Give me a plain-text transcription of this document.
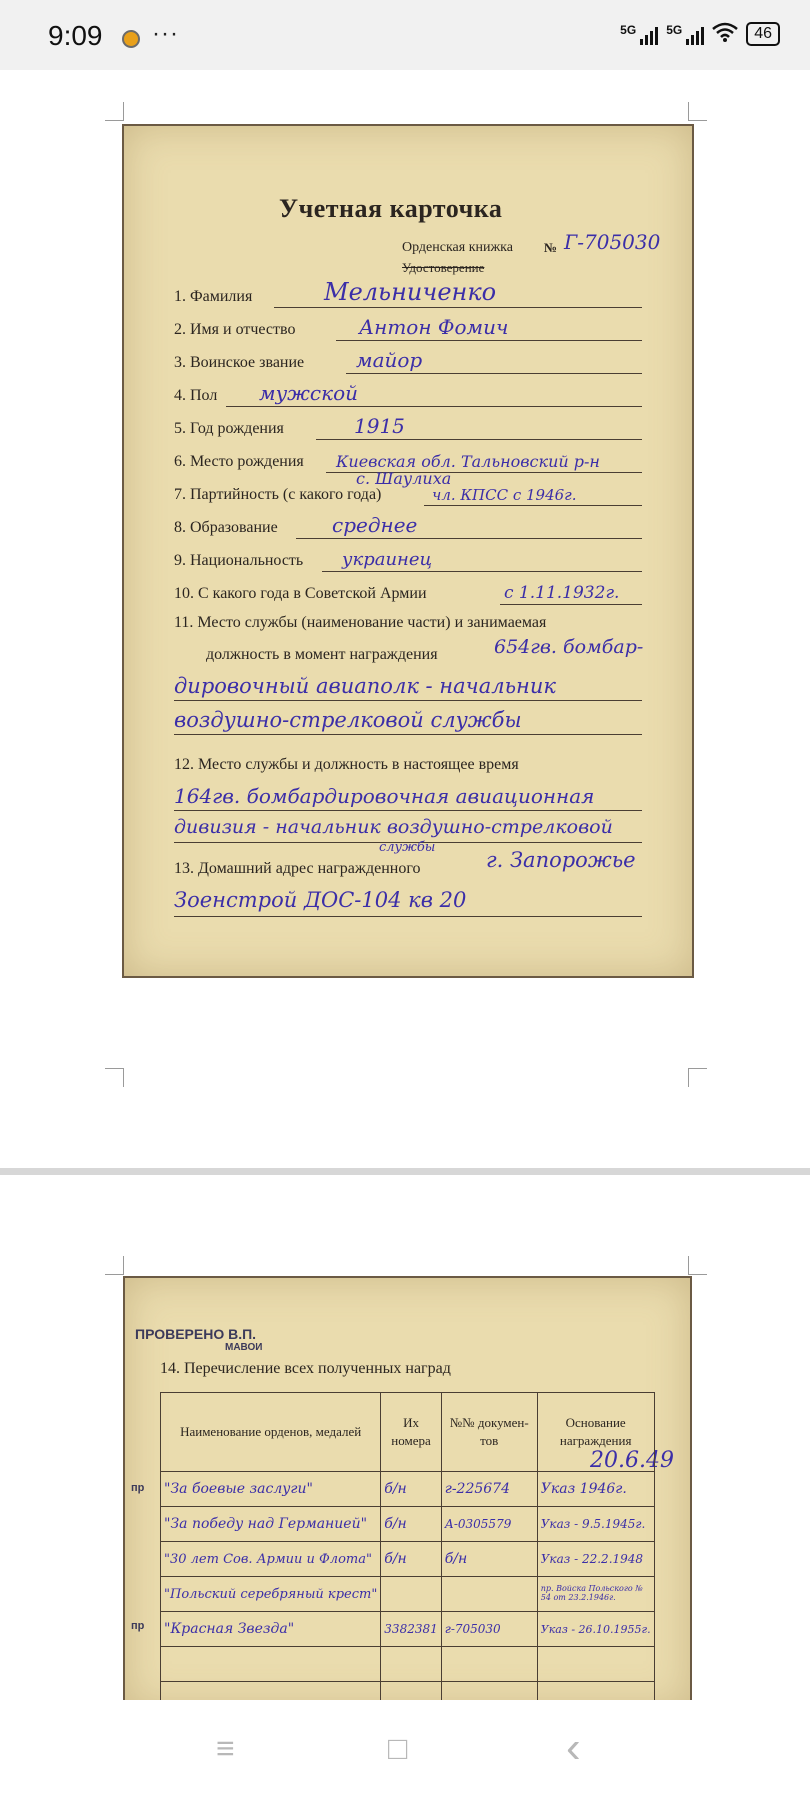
9:09 ···	5G	5G	46
Учетная карточка
Орденская книжка № Г-705030
Удостоверение
1. Фамилия	Мельниченко
2. Имя и отчество	Антон Фомич
3. Воинское звание	майор
4. Пол мужской
5. Год рождения	1915
6. Место рождения Киевская обл. Тальновский р-н
с. Шаулиха
7. Партийность (с какого года)	чл. КПСС с 1946г.
8. Образование	среднее
9. Национальность украинец
10. С какого года в Советской Армии	с 1.11.1932г.
11. Место службы (наименование части) и занимаемая
должность в момент награждения	654гв. бомбар-
дировочный авиаполк - начальник
воздушно-стрелковой службы
12. Место службы и должность в настоящее время
164гв. бомбардировочная авиационная
дивизия - начальник воздушно-стрелковой
службы
13. Домашний адрес награжденного	г. Запорожье
Зоенстрой ДОС-104 кв 20
ПРОВЕРЕНО В.П.
МАВОИ
14. Перечисление всех полученных наград
20.6.49
пр
пр
Наименование орденов, медалей	Их номера	№№ докумен-тов	Основание награждения
"За боевые заслуги"	б/н	г-225674	Указ 1946г.
"За победу над Германией"	б/н	А-0305579	Указ - 9.5.1945г.
"30 лет Сов. Армии и Флота"	б/н	б/н	Указ - 22.2.1948
"Польский серебряный крест"			пр. Войска Польского № 54 от 23.2.1946г.
"Красная Звезда"	3382381	г-705030	Указ - 26.10.1955г.

≡	□	‹
